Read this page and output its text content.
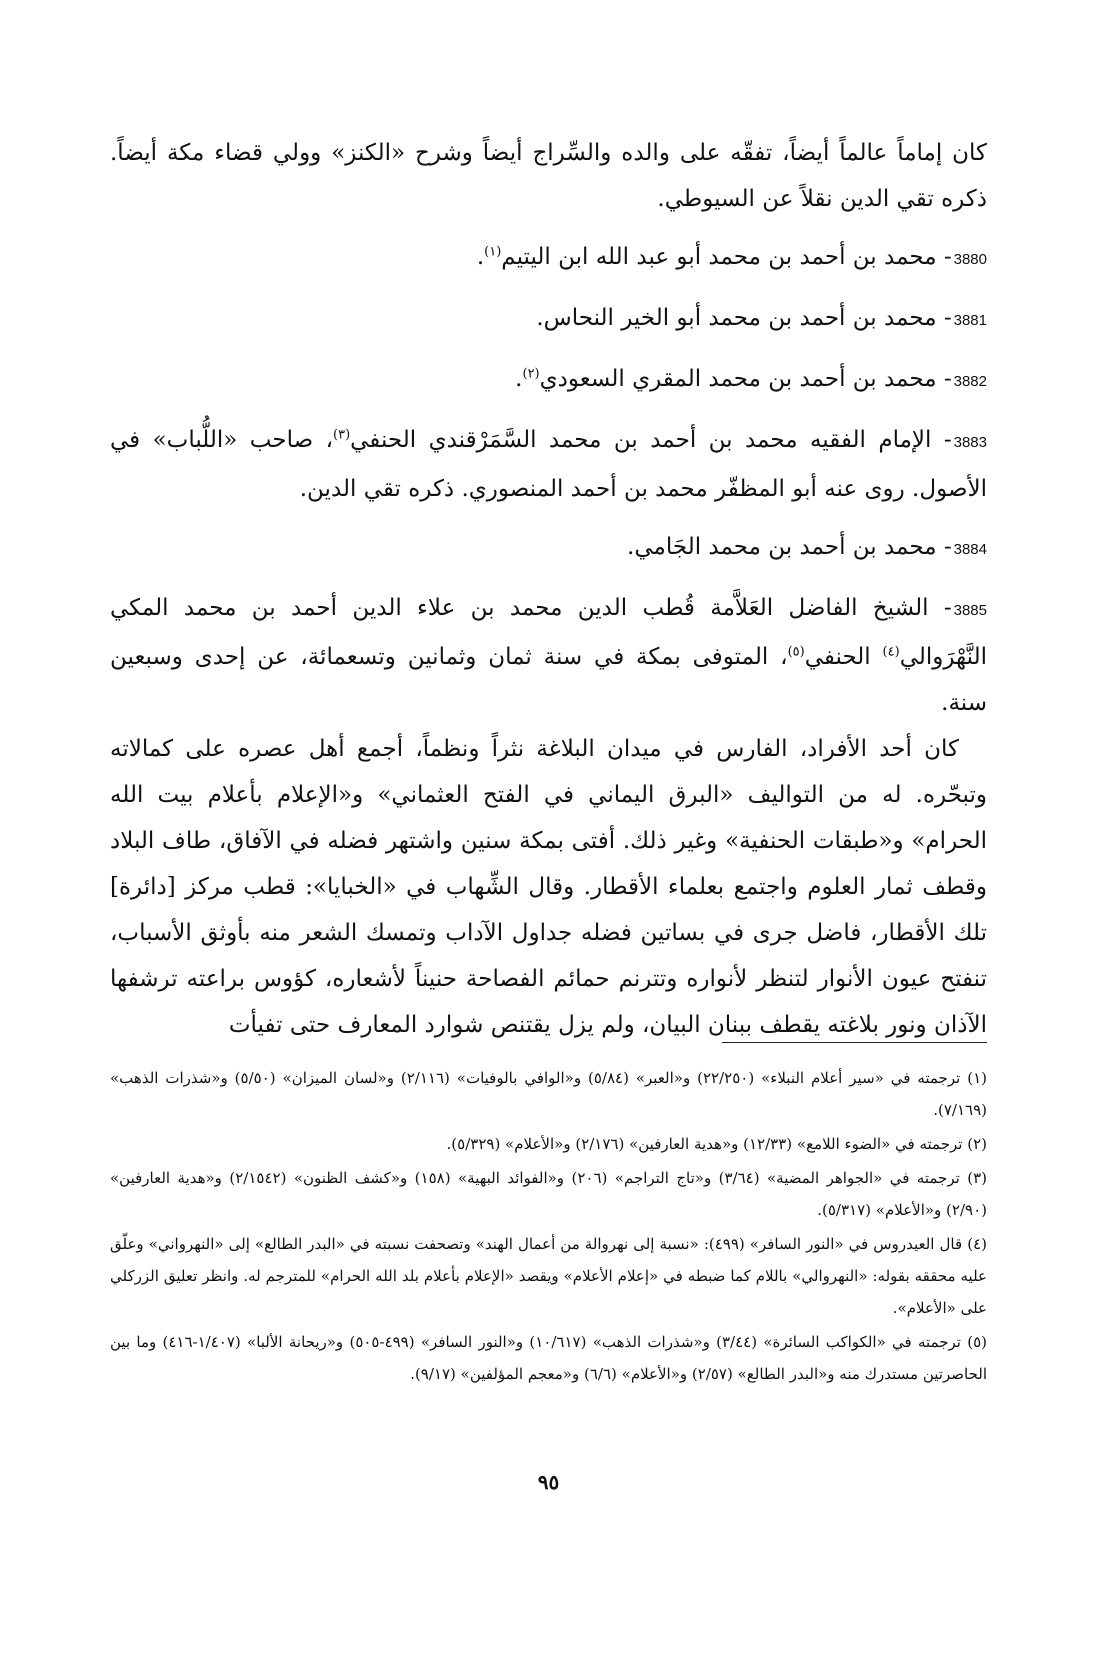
كان إماماً عالماً أيضاً، تفقّه على والده والسِّراج أيضاً وشرح «الكنز» وولي قضاء مكة أيضاً. ذكره تقي الدين نقلاً عن السيوطي.

3880- محمد بن أحمد بن محمد أبو عبد الله ابن اليتيم$^{(١)}$.

3881- محمد بن أحمد بن محمد أبو الخير النحاس.

3882- محمد بن أحمد بن محمد المقري السعودي$^{(٢)}$.

3883- الإمام الفقيه محمد بن أحمد بن محمد السَّمَرْقندي الحنفي$^{(٣)}$، صاحب «اللُّباب» في الأصول. روى عنه أبو المظفّر محمد بن أحمد المنصوري. ذكره تقي الدين.

3884- محمد بن أحمد بن محمد الجَامي.

3885- الشيخ الفاضل العَلاَّمة قُطب الدين محمد بن علاء الدين أحمد بن محمد المكي النَّهْرَوالي$^{(٤)}$ الحنفي$^{(٥)}$، المتوفى بمكة في سنة ثمان وثمانين وتسعمائة، عن إحدى وسبعين سنة.

كان أحد الأفراد، الفارس في ميدان البلاغة نثراً ونظماً، أجمع أهل عصره على كمالاته وتبحّره. له من التواليف «البرق اليماني في الفتح العثماني» و«الإعلام بأعلام بيت الله الحرام» و«طبقات الحنفية» وغير ذلك. أفتى بمكة سنين واشتهر فضله في الآفاق، طاف البلاد وقطف ثمار العلوم واجتمع بعلماء الأقطار. وقال الشِّهاب في «الخبايا»: قطب مركز [دائرة] تلك الأقطار، فاضل جرى في بساتين فضله جداول الآداب وتمسك الشعر منه بأوثق الأسباب، تنفتح عيون الأنوار لتنظر لأنواره وتترنم حمائم الفصاحة حنيناً لأشعاره، كؤوس براعته ترشفها الآذان ونور بلاغته يقطف ببنان البيان، ولم يزل يقتنص شوارد المعارف حتى تفيأت

(١) ترجمته في «سير أعلام النبلاء» (٢٢/٢٥٠) و«العبر» (٥/٨٤) و«الوافي بالوفيات» (٢/١١٦) و«لسان الميزان» (٥/٥٠) و«شذرات الذهب» (٧/١٦٩).

(٢) ترجمته في «الضوء اللامع» (١٢/٣٣) و«هدية العارفين» (٢/١٧٦) و«الأعلام» (٥/٣٢٩).

(٣) ترجمته في «الجواهر المضية» (٣/٦٤) و«تاج التراجم» (٢٠٦) و«الفوائد البهية» (١٥٨) و«كشف الظنون» (٢/١٥٤٢) و«هدية العارفين» (٢/٩٠) و«الأعلام» (٥/٣١٧).

(٤) قال العيدروس في «النور السافر» (٤٩٩): «نسبة إلى نهروالة من أعمال الهند» وتصحفت نسبته في «البدر الطالع» إلى «النهرواني» وعلّق عليه محققه بقوله: «النهروالي» باللام كما ضبطه في «إعلام الأعلام» ويقصد «الإعلام بأعلام بلد الله الحرام» للمترجم له. وانظر تعليق الزركلي على «الأعلام».

(٥) ترجمته في «الكواكب السائرة» (٣/٤٤) و«شذرات الذهب» (١٠/٦١٧) و«النور السافر» (٤٩٩-٥٠٥) و«ريحانة الألبا» (١/٤٠٧-٤١٦) وما بين الحاصرتين مستدرك منه و«البدر الطالع» (٢/٥٧) و«الأعلام» (٦/٦) و«معجم المؤلفين» (٩/١٧).

٩٥
